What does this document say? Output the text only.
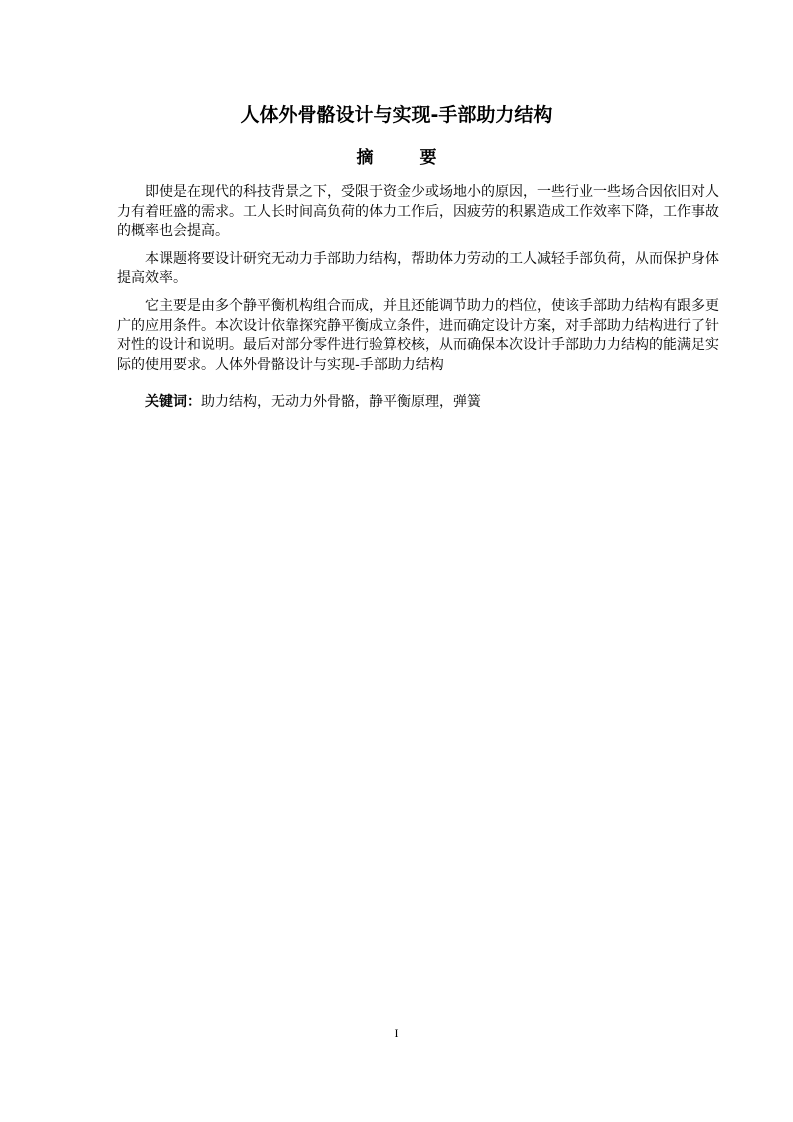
人体外骨骼设计与实现-手部助力结构
摘 要

即使是在现代的科技背景之下，受限于资金少或场地小的原因，一些行业一些场合因依旧对人力有着旺盛的需求。工人长时间高负荷的体力工作后，因疲劳的积累造成工作效率下降，工作事故的概率也会提高。

本课题将要设计研究无动力手部助力结构，帮助体力劳动的工人减轻手部负荷，从而保护身体提高效率。

它主要是由多个静平衡机构组合而成，并且还能调节助力的档位，使该手部助力结构有跟多更广的应用条件。本次设计依靠探究静平衡成立条件，进而确定设计方案，对手部助力结构进行了针对性的设计和说明。最后对部分零件进行验算校核，从而确保本次设计手部助力力结构的能满足实际的使用要求。人体外骨骼设计与实现-手部助力结构

关键词：助力结构，无动力外骨骼，静平衡原理，弹簧

I
